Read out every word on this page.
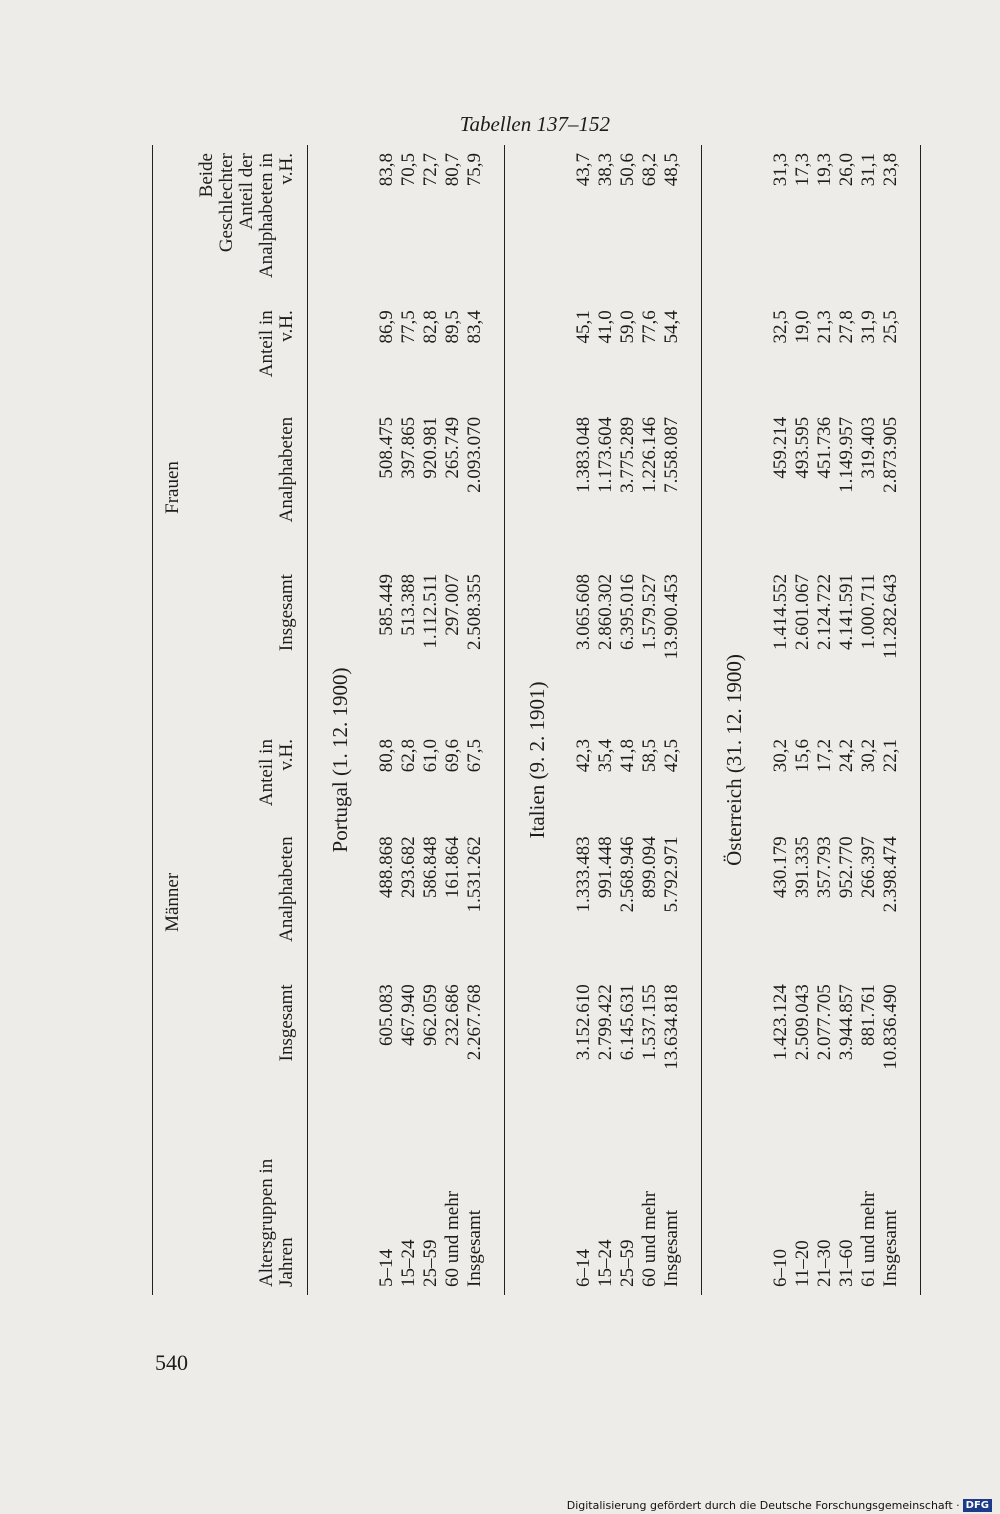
Tabellen 137–152
		Männer			Frauen		
Altersgruppen in Jahren	Insgesamt	Analphabeten	Anteil in v.H.	Insgesamt	Analphabeten	Anteil in v.H.	Beide Geschlechter Anteil der Analphabeten in v.H.
Portugal (1. 12. 1900)							
5–14	605.083	488.868	80,8	585.449	508.475	86,9	83,8
15–24	467.940	293.682	62,8	513.388	397.865	77,5	70,5
25–59	962.059	586.848	61,0	1.112.511	920.981	82,8	72,7
60 und mehr	232.686	161.864	69,6	297.007	265.749	89,5	80,7
Insgesamt	2.267.768	1.531.262	67,5	2.508.355	2.093.070	83,4	75,9
Italien (9. 2. 1901)							
6–14	3.152.610	1.333.483	42,3	3.065.608	1.383.048	45,1	43,7
15–24	2.799.422	991.448	35,4	2.860.302	1.173.604	41,0	38,3
25–59	6.145.631	2.568.946	41,8	6.395.016	3.775.289	59,0	50,6
60 und mehr	1.537.155	899.094	58,5	1.579.527	1.226.146	77,6	68,2
Insgesamt	13.634.818	5.792.971	42,5	13.900.453	7.558.087	54,4	48,5
Österreich (31. 12. 1900)							
6–10	1.423.124	430.179	30,2	1.414.552	459.214	32,5	31,3
11–20	2.509.043	391.335	15,6	2.601.067	493.595	19,0	17,3
21–30	2.077.705	357.793	17,2	2.124.722	451.736	21,3	19,3
31–60	3.944.857	952.770	24,2	4.141.591	1.149.957	27,8	26,0
61 und mehr	881.761	266.397	30,2	1.000.711	319.403	31,9	31,1
Insgesamt	10.836.490	2.398.474	22,1	11.282.643	2.873.905	25,5	23,8
540
Digitalisierung gefördert durch die Deutsche Forschungsgemeinschaft · DFG
